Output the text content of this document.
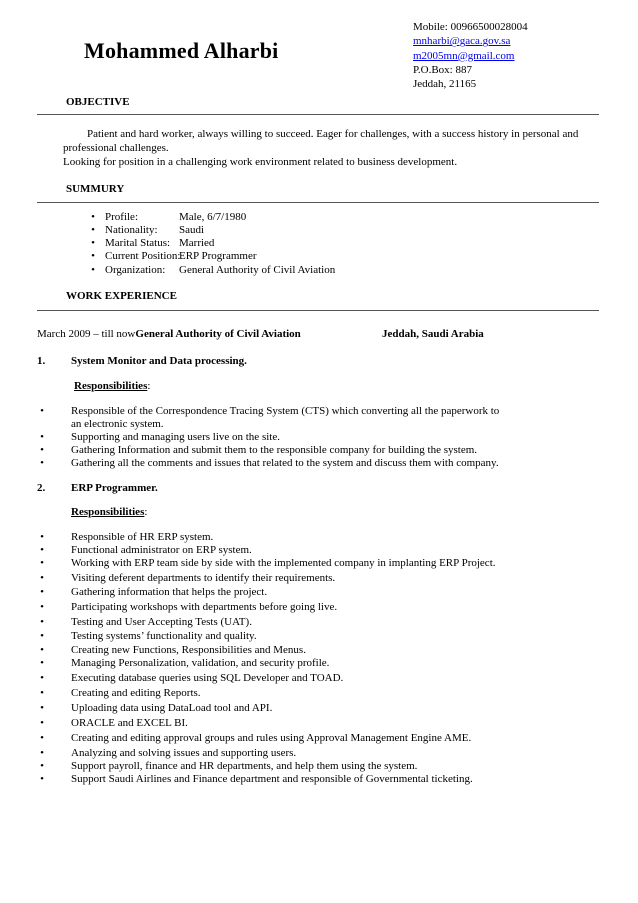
Mohammed Alharbi
Mobile: 00966500028004
mnharbi@gaca.gov.sa
m2005mn@gmail.com
P.O.Box: 887
Jeddah, 21165
OBJECTIVE
Patient and hard worker, always willing to succeed. Eager for challenges, with a success history in personal and
professional challenges.
Looking for position in a challenging work environment related to business development.
SUMMURY
• Profile:	Male, 6/7/1980
• Nationality: Saudi
• Marital Status: Married
• Current Position:
ERP Programmer
• Organization: General Authority of Civil Aviation
WORK EXPERIENCE
March 2009 – till nowGeneral Authority of Civil Aviation	Jeddah, Saudi Arabia
1. System Monitor and Data processing.
Responsibilities:
• Responsible of the Correspondence Tracing System (CTS) which converting all the paperwork to
an electronic system.
• Supporting and managing users live on the site.
• Gathering Information and submit them to the responsible company for building the system.
• Gathering all the comments and issues that related to the system and discuss them with company.
2. ERP Programmer.
Responsibilities:
• Responsible of HR ERP system.
• Functional administrator on ERP system.
• Working with ERP team side by side with the implemented company in implanting ERP Project.
• Visiting deferent departments to identify their requirements.
• Gathering information that helps the project.
• Participating workshops with departments before going live.
• Testing and User Accepting Tests (UAT).
• Testing systems’ functionality and quality.
• Creating new Functions, Responsibilities and Menus.
• Managing Personalization, validation, and security profile.
• Executing database queries using SQL Developer and TOAD.
• Creating and editing Reports.
• Uploading data using DataLoad tool and API.
• ORACLE and EXCEL BI.
• Creating and editing approval groups and rules using Approval Management Engine AME.
• Analyzing and solving issues and supporting users.
• Support payroll, finance and HR departments, and help them using the system.
• Support Saudi Airlines and Finance department and responsible of Governmental ticketing.
